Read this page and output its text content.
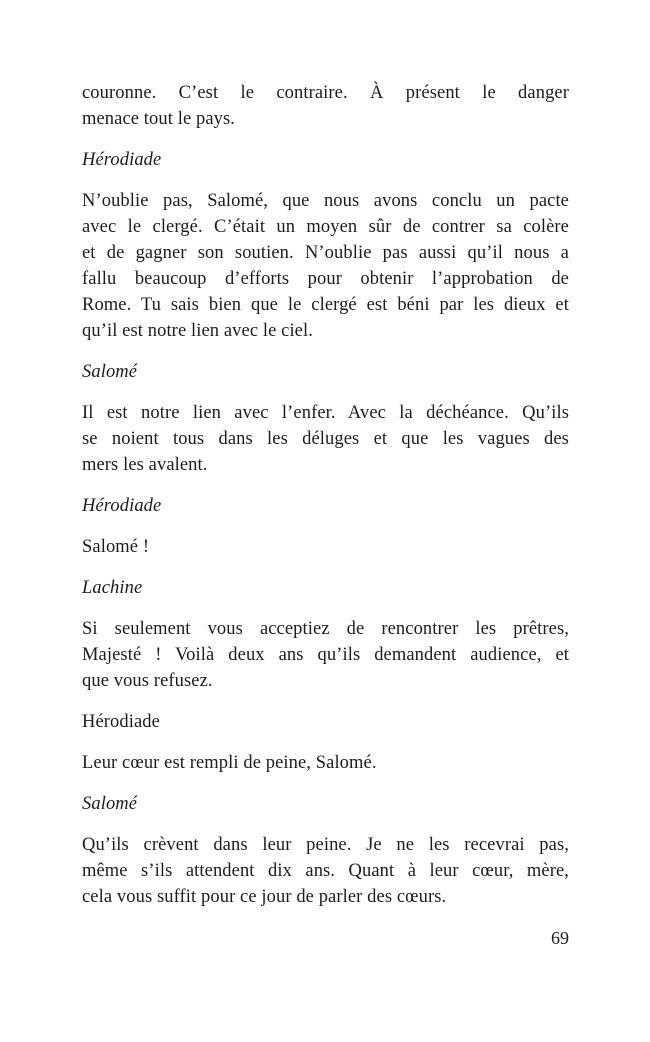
couronne. C’est le contraire. À présent le danger
menace tout le pays.

Hérodiade

N’oublie pas, Salomé, que nous avons conclu un pacte
avec le clergé. C’était un moyen sûr de contrer sa colère
et de gagner son soutien. N’oublie pas aussi qu’il nous a
fallu beaucoup d’efforts pour obtenir l’approbation de
Rome. Tu sais bien que le clergé est béni par les dieux et
qu’il est notre lien avec le ciel.

Salomé

Il est notre lien avec l’enfer. Avec la déchéance. Qu’ils
se noient tous dans les déluges et que les vagues des
mers les avalent.

Hérodiade

Salomé !

Lachine

Si seulement vous acceptiez de rencontrer les prêtres,
Majesté ! Voilà deux ans qu’ils demandent audience, et
que vous refusez.

Hérodiade

Leur cœur est rempli de peine, Salomé.

Salomé

Qu’ils crèvent dans leur peine. Je ne les recevrai pas,
même s’ils attendent dix ans. Quant à leur cœur, mère,
cela vous suffit pour ce jour de parler des cœurs.
69
